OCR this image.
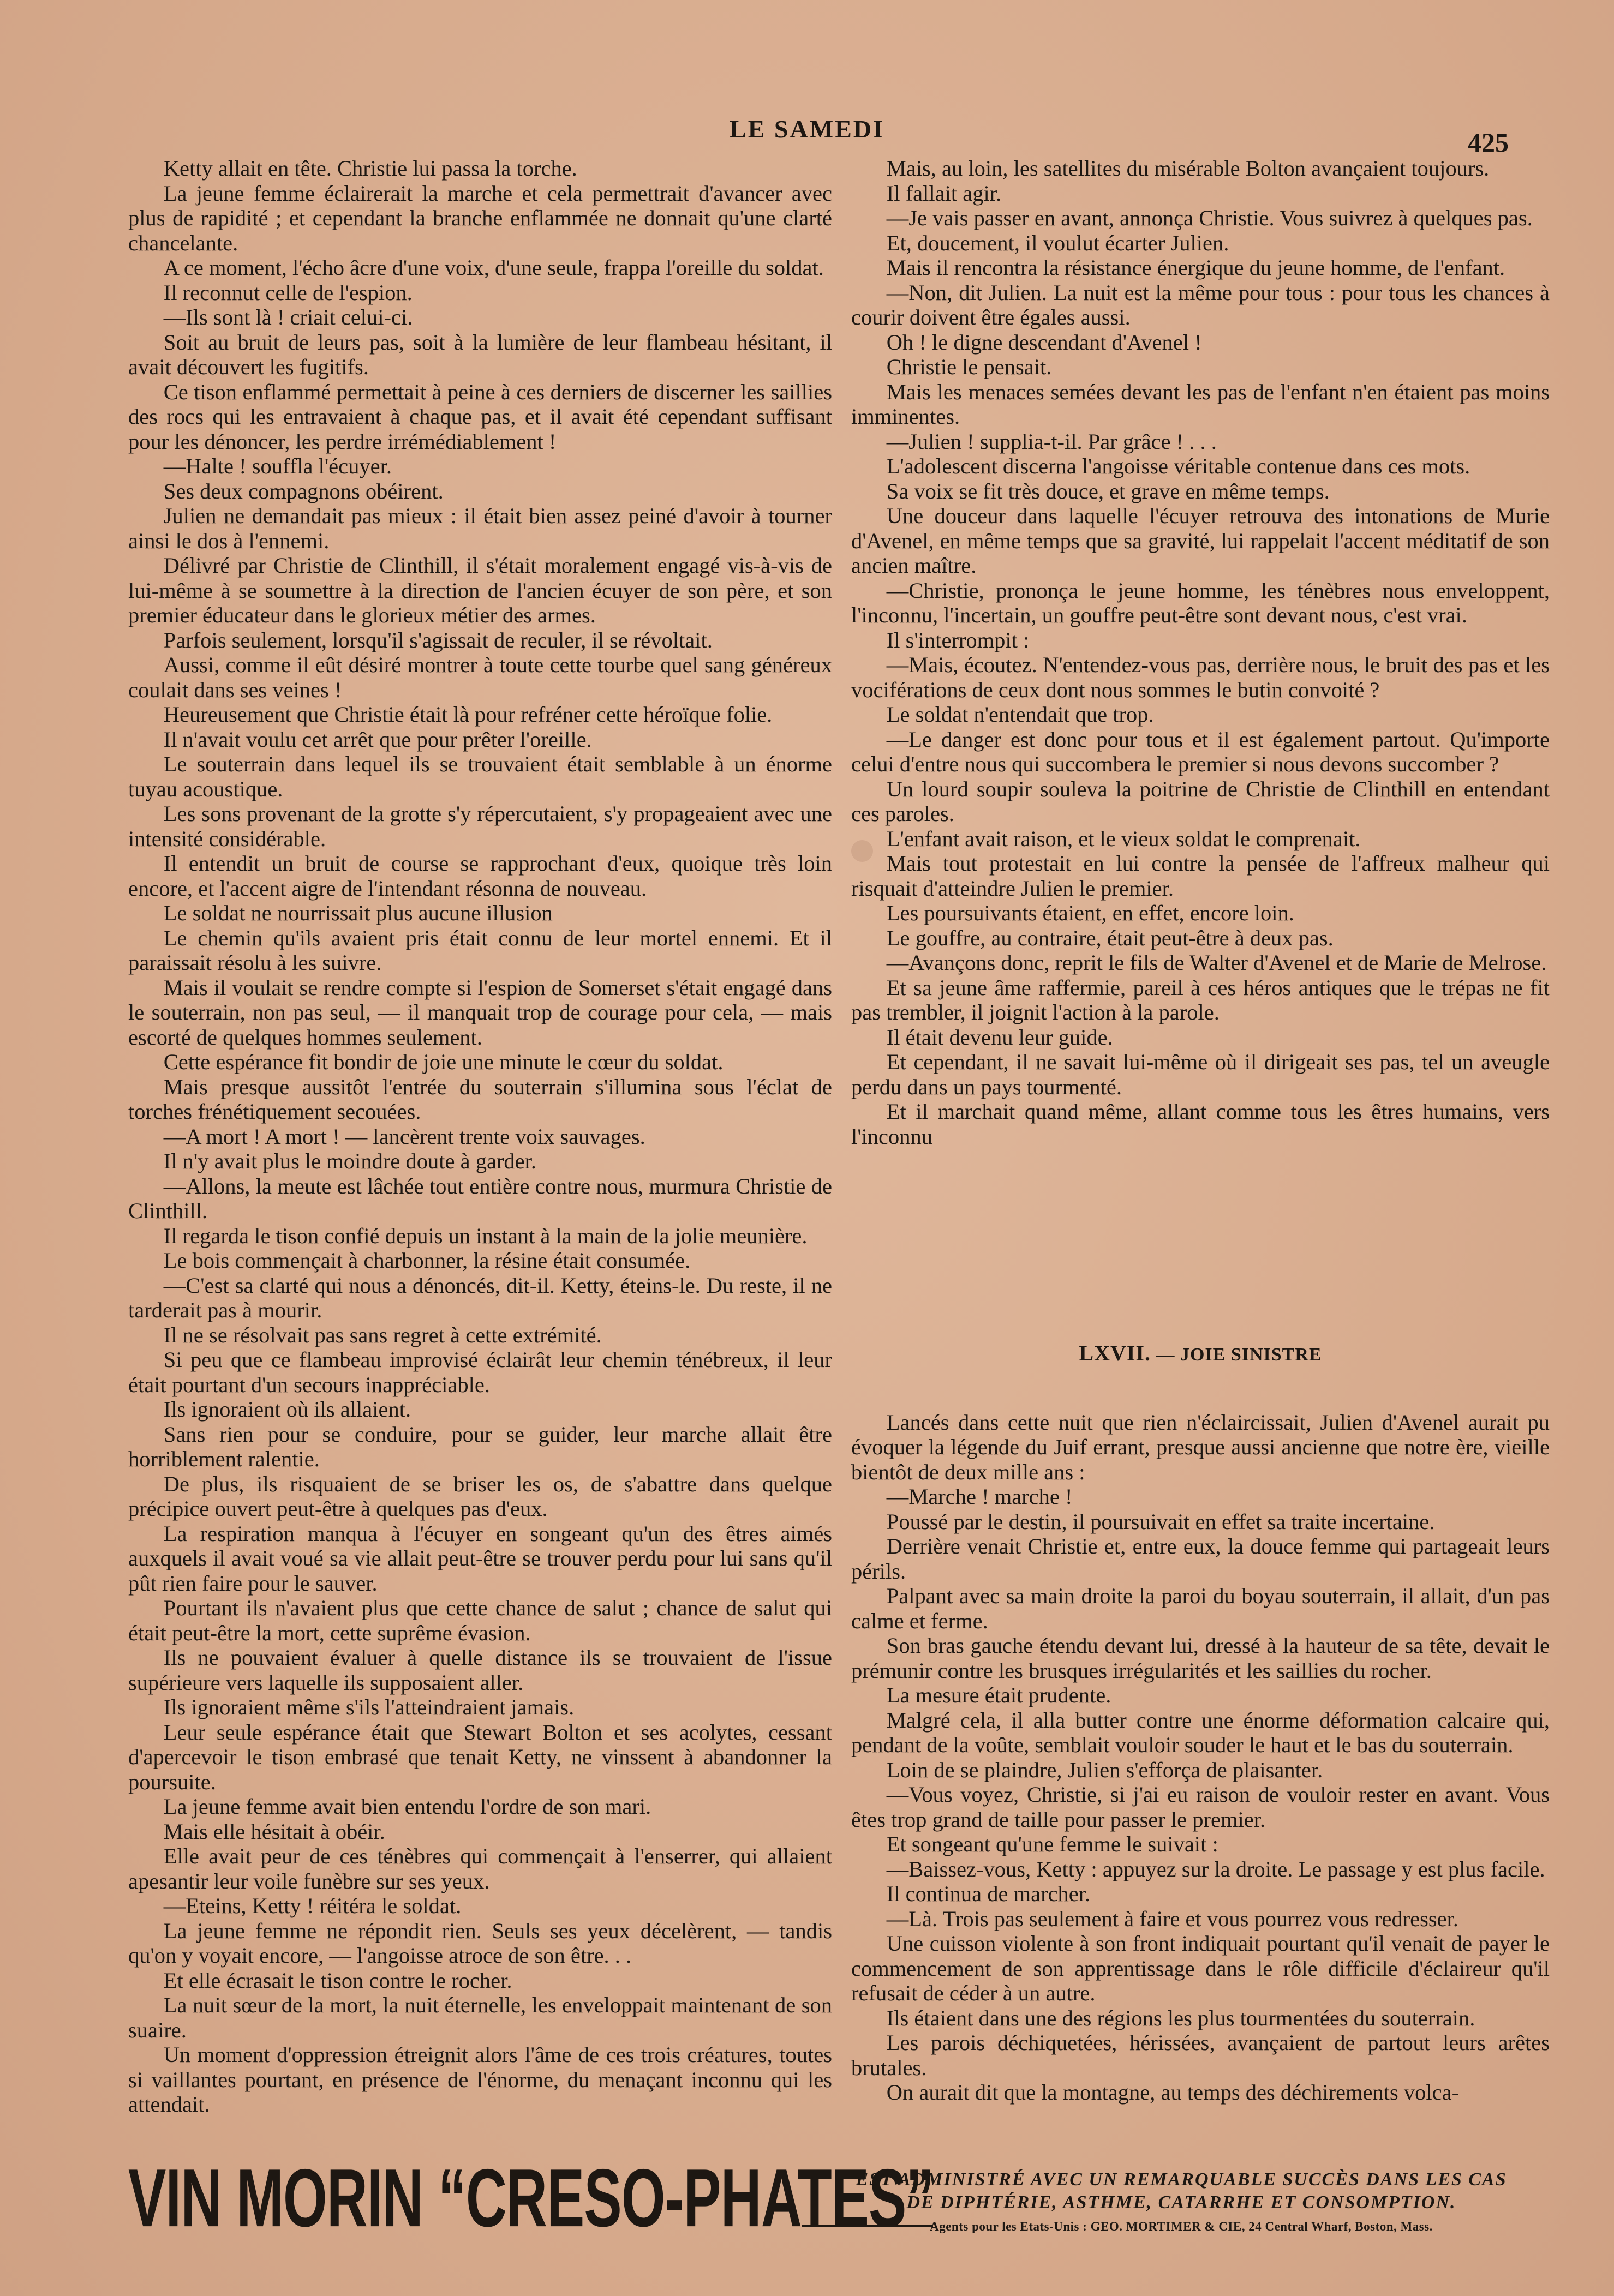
LE SAMEDI	425

Ketty allait en tête. Christie lui passa la torche.

La jeune femme éclairerait la marche et cela permettrait d'avancer avec plus de rapidité ; et cependant la branche enflammée ne donnait qu'une clarté chancelante.

A ce moment, l'écho âcre d'une voix, d'une seule, frappa l'oreille du soldat.

Il reconnut celle de l'espion.

—Ils sont là ! criait celui-ci.

Soit au bruit de leurs pas, soit à la lumière de leur flambeau hésitant, il avait découvert les fugitifs.

Ce tison enflammé permettait à peine à ces derniers de discerner les saillies des rocs qui les entravaient à chaque pas, et il avait été cependant suffisant pour les dénoncer, les perdre irrémédiablement !

—Halte ! souffla l'écuyer.

Ses deux compagnons obéirent.

Julien ne demandait pas mieux : il était bien assez peiné d'avoir à tourner ainsi le dos à l'ennemi.

Délivré par Christie de Clinthill, il s'était moralement engagé vis-à-vis de lui-même à se soumettre à la direction de l'ancien écuyer de son père, et son premier éducateur dans le glorieux métier des armes.

Parfois seulement, lorsqu'il s'agissait de reculer, il se révoltait.

Aussi, comme il eût désiré montrer à toute cette tourbe quel sang généreux coulait dans ses veines !

Heureusement que Christie était là pour refréner cette héroïque folie.

Il n'avait voulu cet arrêt que pour prêter l'oreille.

Le souterrain dans lequel ils se trouvaient était semblable à un énorme tuyau acoustique.

Les sons provenant de la grotte s'y répercutaient, s'y propageaient avec une intensité considérable.

Il entendit un bruit de course se rapprochant d'eux, quoique très loin encore, et l'accent aigre de l'intendant résonna de nouveau.

Le soldat ne nourrissait plus aucune illusion

Le chemin qu'ils avaient pris était connu de leur mortel ennemi. Et il paraissait résolu à les suivre.

Mais il voulait se rendre compte si l'espion de Somerset s'était engagé dans le souterrain, non pas seul, — il manquait trop de courage pour cela, — mais escorté de quelques hommes seulement.

Cette espérance fit bondir de joie une minute le cœur du soldat.

Mais presque aussitôt l'entrée du souterrain s'illumina sous l'éclat de torches frénétiquement secouées.

—A mort ! A mort ! — lancèrent trente voix sauvages.

Il n'y avait plus le moindre doute à garder.

—Allons, la meute est lâchée tout entière contre nous, murmura Christie de Clinthill.

Il regarda le tison confié depuis un instant à la main de la jolie meunière.

Le bois commençait à charbonner, la résine était consumée.

—C'est sa clarté qui nous a dénoncés, dit-il. Ketty, éteins-le. Du reste, il ne tarderait pas à mourir.

Il ne se résolvait pas sans regret à cette extrémité.

Si peu que ce flambeau improvisé éclairât leur chemin ténébreux, il leur était pourtant d'un secours inappréciable.

Ils ignoraient où ils allaient.

Sans rien pour se conduire, pour se guider, leur marche allait être horriblement ralentie.

De plus, ils risquaient de se briser les os, de s'abattre dans quelque précipice ouvert peut-être à quelques pas d'eux.

La respiration manqua à l'écuyer en songeant qu'un des êtres aimés auxquels il avait voué sa vie allait peut-être se trouver perdu pour lui sans qu'il pût rien faire pour le sauver.

Pourtant ils n'avaient plus que cette chance de salut ; chance de salut qui était peut-être la mort, cette suprême évasion.

Ils ne pouvaient évaluer à quelle distance ils se trouvaient de l'issue supérieure vers laquelle ils supposaient aller.

Ils ignoraient même s'ils l'atteindraient jamais.

Leur seule espérance était que Stewart Bolton et ses acolytes, cessant d'apercevoir le tison embrasé que tenait Ketty, ne vinssent à abandonner la poursuite.

La jeune femme avait bien entendu l'ordre de son mari.

Mais elle hésitait à obéir.

Elle avait peur de ces ténèbres qui commençait à l'enserrer, qui allaient apesantir leur voile funèbre sur ses yeux.

—Eteins, Ketty ! réitéra le soldat.

La jeune femme ne répondit rien. Seuls ses yeux décelèrent, — tandis qu'on y voyait encore, — l'angoisse atroce de son être. . .

Et elle écrasait le tison contre le rocher.

La nuit sœur de la mort, la nuit éternelle, les enveloppait maintenant de son suaire.

Un moment d'oppression étreignit alors l'âme de ces trois créatures, toutes si vaillantes pourtant, en présence de l'énorme, du menaçant inconnu qui les attendait.

Mais, au loin, les satellites du misérable Bolton avançaient toujours.

Il fallait agir.

—Je vais passer en avant, annonça Christie. Vous suivrez à quelques pas.

Et, doucement, il voulut écarter Julien.

Mais il rencontra la résistance énergique du jeune homme, de l'enfant.

—Non, dit Julien. La nuit est la même pour tous : pour tous les chances à courir doivent être égales aussi.

Oh ! le digne descendant d'Avenel !

Christie le pensait.

Mais les menaces semées devant les pas de l'enfant n'en étaient pas moins imminentes.

—Julien ! supplia-t-il. Par grâce ! . . .

L'adolescent discerna l'angoisse véritable contenue dans ces mots.

Sa voix se fit très douce, et grave en même temps.

Une douceur dans laquelle l'écuyer retrouva des intonations de Murie d'Avenel, en même temps que sa gravité, lui rappelait l'accent méditatif de son ancien maître.

—Christie, prononça le jeune homme, les ténèbres nous enveloppent, l'inconnu, l'incertain, un gouffre peut-être sont devant nous, c'est vrai.

Il s'interrompit :

—Mais, écoutez. N'entendez-vous pas, derrière nous, le bruit des pas et les vociférations de ceux dont nous sommes le butin convoité ?

Le soldat n'entendait que trop.

—Le danger est donc pour tous et il est également partout. Qu'importe celui d'entre nous qui succombera le premier si nous devons succomber ?

Un lourd soupir souleva la poitrine de Christie de Clinthill en entendant ces paroles.

L'enfant avait raison, et le vieux soldat le comprenait.

Mais tout protestait en lui contre la pensée de l'affreux malheur qui risquait d'atteindre Julien le premier.

Les poursuivants étaient, en effet, encore loin.

Le gouffre, au contraire, était peut-être à deux pas.

—Avançons donc, reprit le fils de Walter d'Avenel et de Marie de Melrose.

Et sa jeune âme raffermie, pareil à ces héros antiques que le trépas ne fit pas trembler, il joignit l'action à la parole.

Il était devenu leur guide.

Et cependant, il ne savait lui-même où il dirigeait ses pas, tel un aveugle perdu dans un pays tourmenté.

Et il marchait quand même, allant comme tous les êtres humains, vers l'inconnu

LXVII. — JOIE SINISTRE

Lancés dans cette nuit que rien n'éclaircissait, Julien d'Avenel aurait pu évoquer la légende du Juif errant, presque aussi ancienne que notre ère, vieille bientôt de deux mille ans :

—Marche ! marche !

Poussé par le destin, il poursuivait en effet sa traite incertaine.

Derrière venait Christie et, entre eux, la douce femme qui partageait leurs périls.

Palpant avec sa main droite la paroi du boyau souterrain, il allait, d'un pas calme et ferme.

Son bras gauche étendu devant lui, dressé à la hauteur de sa tête, devait le prémunir contre les brusques irrégularités et les saillies du rocher.

La mesure était prudente.

Malgré cela, il alla butter contre une énorme déformation calcaire qui, pendant de la voûte, semblait vouloir souder le haut et le bas du souterrain.

Loin de se plaindre, Julien s'efforça de plaisanter.

—Vous voyez, Christie, si j'ai eu raison de vouloir rester en avant. Vous êtes trop grand de taille pour passer le premier.

Et songeant qu'une femme le suivait :

—Baissez-vous, Ketty : appuyez sur la droite. Le passage y est plus facile.

Il continua de marcher.

—Là. Trois pas seulement à faire et vous pourrez vous redresser.

Une cuisson violente à son front indiquait pourtant qu'il venait de payer le commencement de son apprentissage dans le rôle difficile d'éclaireur qu'il refusait de céder à un autre.

Ils étaient dans une des régions les plus tourmentées du souterrain.

Les parois déchiquetées, hérissées, avançaient de partout leurs arêtes brutales.

On aurait dit que la montagne, au temps des déchirements volca-

VIN MORIN “CRESO-PHATES”
EST ADMINISTRÉ AVEC UN REMARQUABLE SUCCÈS DANS LES CAS
DE DIPHTÉRIE, ASTHME, CATARRHE ET CONSOMPTION.
Agents pour les Etats-Unis : GEO. MORTIMER & CIE, 24 Central Wharf, Boston, Mass.
